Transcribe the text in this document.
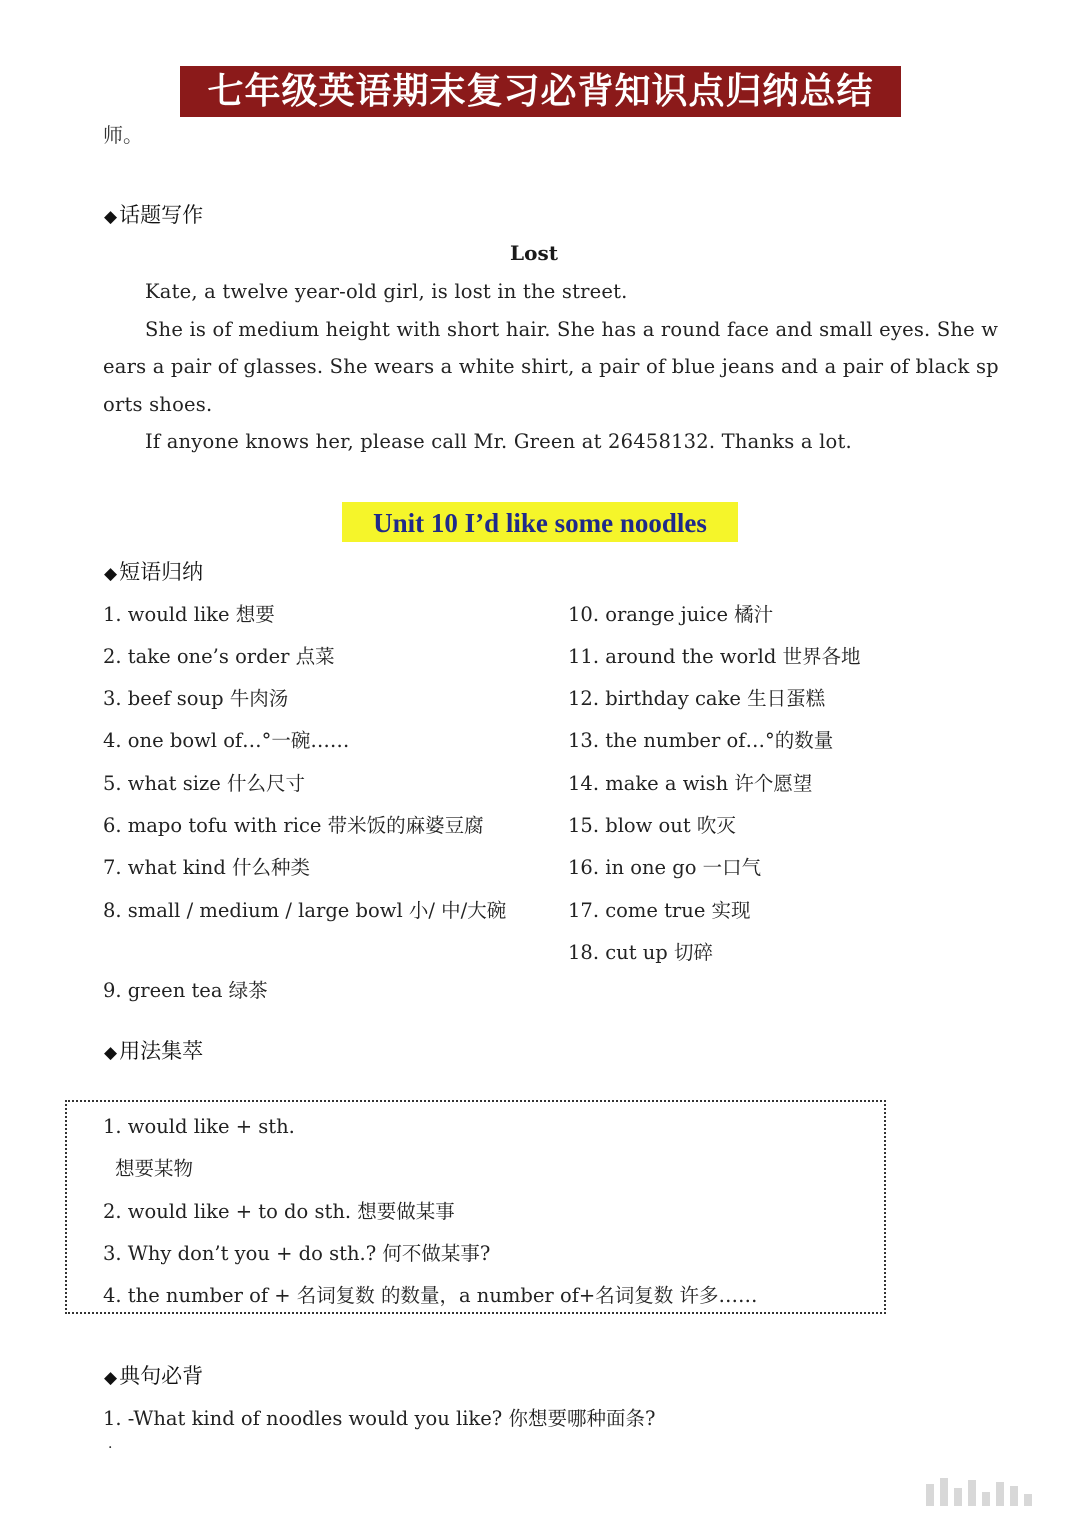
七年级英语期末复习必背知识点归纳总结
师。
◆话题写作
Lost
Kate, a twelve year-old girl, is lost in the street.
She is of medium height with short hair. She has a round face and small eyes. She w
ears a pair of glasses. She wears a white shirt, a pair of blue jeans and a pair of black sp
orts shoes.
If anyone knows her, please call Mr. Green at 26458132. Thanks a lot.
Unit 10 I’d like some noodles
◆短语归纳
1. would like 想要
2. take one’s order 点菜
3. beef soup 牛肉汤
4. one bowl of…°一碗……
5. what size 什么尺寸
6. mapo tofu with rice 带米饭的麻婆豆腐
7. what kind 什么种类
8. small / medium / large bowl 小/ 中/大碗
9. green tea 绿茶
10. orange juice 橘汁
11. around the world 世界各地
12. birthday cake 生日蛋糕
13. the number of…°的数量
14. make a wish 许个愿望
15. blow out 吹灭
16. in one go 一口气
17. come true 实现
18. cut up 切碎
◆用法集萃
1. would like + sth.
想要某物
2. would like + to do sth. 想要做某事
3. Why don’t you + do sth.? 何不做某事?
4. the number of + 名词复数 的数量，a number of+名词复数 许多……
◆典句必背
1. -What kind of noodles would you like? 你想要哪种面条?
·
